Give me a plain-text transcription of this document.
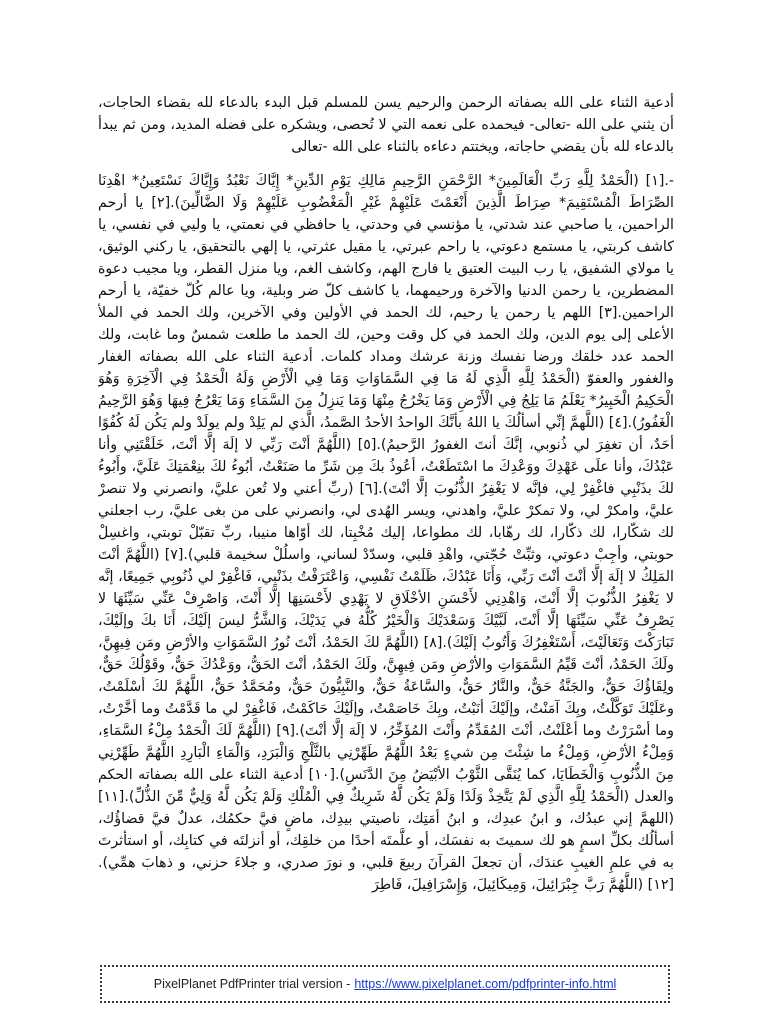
أدعية الثناء على الله بصفاته الرحمن والرحيم يسن للمسلم قبل البدء بالدعاء لله بقضاء الحاجات، أن يثني على الله -تعالى- فيحمده على نعمه التي لا تُحصى، ويشكره على فضله المديد، ومن ثم يبدأ بالدعاء لله بأن يقضي حاجاته، ويختتم دعاءه بالثناء على الله -تعالى

-.[١] (الْحَمْدُ لِلَّهِ رَبِّ الْعَالَمِينَ* الرَّحْمَنِ الرَّحِيمِ مَالِكِ يَوْمِ الدِّينِ* إِيَّاكَ نَعْبُدُ وَإِيَّاكَ نَسْتَعِينُ* اهْدِنَا الصِّرَاطَ الْمُسْتَقِيمَ* صِرَاطَ الَّذِينَ أَنْعَمْتَ عَلَيْهِمْ غَيْرِ الْمَغْضُوبِ عَلَيْهِمْ وَلَا الضَّالِّينَ).[٢] يا أرحم الراحمين، يا صاحبي عند شدتي، يا مؤنسي في وحدتي، يا حافظي في نعمتي، يا وليي في نفسي، يا كاشف كربتي، يا مستمع دعوتي، يا راحم عبرتي، يا مقيل عثرتي، يا إلهي بالتحقيق، يا ركني الوثيق، يا مولاي الشفيق، يا رب البيت العتيق يا فارج الهم، وكاشف الغم، ويا منزل القطر، ويا مجيب دعوة المضطرين، يا رحمن الدنيا والآخرة ورحيمهما، يا كاشف كلّ ضر وبلية، ويا عالم كُلّ خفيّة، يا أرحم الراحمين.[٣] اللهم يا رحمن يا رحيم، لك الحمد في الأولين وفي الآخرين، ولك الحمد في الملأ الأعلى إلى يوم الدين، ولك الحمد في كل وقت وحين، لك الحمد ما طلعت شمسٌ وما غابت، ولك الحمد عدد خلقك ورضا نفسك وزنة عرشك ومداد كلمات. أدعية الثناء على الله بصفاته الغفار والغفور والعفوّ (الْحَمْدُ لِلَّهِ الَّذِي لَهُ مَا فِي السَّمَاوَاتِ وَمَا فِي الْأَرْضِ وَلَهُ الْحَمْدُ فِي الْآخِرَةِ وَهُوَ الْحَكِيمُ الْخَبِيرُ* يَعْلَمُ مَا يَلِجُ فِي الْأَرْضِ وَمَا يَخْرُجُ مِنْهَا وَمَا يَنزِلُ مِنَ السَّمَاءِ وَمَا يَعْرُجُ فِيهَا وَهُوَ الرَّحِيمُ الْغَفُورُ).[٤] (اللَّهمَّ إنِّي أسألُكَ يا اللهُ بأنَّكَ الواحدُ الأحدُ الصَّمدُ، الَّذي لم يَلِدْ ولم يولَدْ ولم يَكُن لَهُ كُفُوًا أحَدٌ، أن تغفِرَ لي ذُنوبي، إنَّكَ أنتَ الغفورُ الرَّحيمُ).[٥] (اللَّهُمَّ أنْتَ رَبِّي لا إلَهَ إلَّا أنْتَ، خَلَقْتَنِي وأنا عَبْدُكَ، وأنا علَى عَهْدِكَ ووَعْدِكَ ما اسْتَطَعْتُ، أعُوذُ بكَ مِن شَرِّ ما صَنَعْتُ، أبُوءُ لكَ بنِعْمَتِكَ عَلَيَّ، وأَبُوءُ لكَ بذَنْبِي فاغْفِرْ لِي، فإنَّه لا يَغْفِرُ الذُّنُوبَ إلَّا أنْتَ).[٦] (ربِّ أعني ولا تُعن عليَّ، وانصرني ولا تنصرْ عليَّ، وامكرْ لي، ولا تمكرْ عليَّ، واهدني، ويسر الهُدى لي، وانصرني على من بغى عليَّ، رب اجعلني لك شكّارا، لك ذكّارا، لك رهّابا، لك مطواعا، إليك مُخْبِتا، لك أوّاها منيبا، ربِّ تقبّلْ توبتي، واغسِلْ حوبتي، وأجِبْ دعوتي، وثبِّتْ حُجّتي، واهْدِ قلبي، وسدّدْ لساني، واسلُلْ سخيمة قلبي).[٧] (اللَّهُمَّ أنْتَ المَلِكُ لا إلَهَ إلَّا أنْتَ أنْتَ رَبِّي، وَأَنَا عَبْدُكَ، ظَلَمْتُ نَفْسِي، وَاعْتَرَفْتُ بذَنْبِي، فَاغْفِرْ لي ذُنُوبِي جَمِيعًا، إنَّه لا يَغْفِرُ الذُّنُوبَ إلَّا أَنْتَ، وَاهْدِنِي لأَحْسَنِ الأخْلَاقِ لا يَهْدِي لأَحْسَنِهَا إلَّا أَنْتَ، وَاصْرِفْ عَنِّي سَيِّئَهَا لا يَصْرِفُ عَنِّي سَيِّئَهَا إلَّا أَنْتَ، لَبَّيْكَ وَسَعْدَيْكَ وَالْخَيْرُ كُلُّهُ في يَدَيْكَ، وَالشَّرُّ ليسَ إلَيْكَ، أَنَا بكَ وإلَيْكَ، تَبَارَكْتَ وَتَعَالَيْتَ، أَسْتَغْفِرُكَ وَأَتُوبُ إلَيْكَ).[٨] (اللَّهُمَّ لكَ الحَمْدُ، أنْتَ نُورُ السَّمَوَاتِ والأرْضِ ومَن فِيهِنَّ، ولَكَ الحَمْدُ، أنْتَ قَيِّمُ السَّمَوَاتِ والأرْضِ ومَن فِيهِنَّ، ولَكَ الحَمْدُ، أنْتَ الحَقُّ، ووَعْدُكَ حَقٌّ، وقَوْلُكَ حَقٌّ، ولِقَاؤُكَ حَقٌّ، والجَنَّةُ حَقٌّ، والنَّارُ حَقٌّ، والسَّاعَةُ حَقٌّ، والنَّبِيُّونَ حَقٌّ، ومُحَمَّدٌ حَقٌّ، اللَّهُمَّ لكَ أسْلَمْتُ، وعَلَيْكَ تَوَكَّلْتُ، وبِكَ آمَنْتُ، وإلَيْكَ أنَبْتُ، وبِكَ خَاصَمْتُ، وإلَيْكَ حَاكَمْتُ، فَاغْفِرْ لي ما قَدَّمْتُ وما أخَّرْتُ، وما أسْرَرْتُ وما أعْلَنْتُ، أنْتَ المُقَدِّمُ وأَنْتَ المُؤَخِّرُ، لا إلَهَ إلَّا أنْتَ).[٩] (اللَّهُمَّ لَكَ الْحَمْدُ مِلْءُ السَّمَاءِ، وَمِلْءُ الأرْضِ، وَمِلْءُ ما شِئْتَ مِن شيءٍ بَعْدُ اللَّهُمَّ طَهِّرْنِي بالثَّلْجِ وَالْبَرَدِ، وَالْمَاءِ الْبَارِدِ اللَّهُمَّ طَهِّرْنِي مِنَ الذُّنُوبِ وَالْخَطَايَا، كما يُنَقَّى الثَّوْبُ الأبْيَضُ مِنَ الدَّنَسِ).[١٠] أدعية الثناء على الله بصفاته الحكم والعدل (الْحَمْدُ لِلَّهِ الَّذِي لَمْ يَتَّخِذْ وَلَدًا وَلَمْ يَكُن لَّهُ شَرِيكٌ فِي الْمُلْكِ وَلَمْ يَكُن لَّهُ وَلِيٌّ مِّنَ الذُّلِّ).[١١] (اللهمَّ إني عبدُك، و ابنُ عبدِك، و ابنُ أمَتِك، ناصيتي بيدِك، ماضٍ فيَّ حكمُك، عدلٌ فيَّ قضاؤُك، أسألُك بكلِّ اسمٍ هو لك سميتَ به نفسَك، أو علَّمتَه أحدًا من خلقِك، أو أنزلتَه في كتابِك، أو استأثرتَ به في علمِ الغيبِ عندَك، أن تجعلَ القرآنَ ربيعَ قلبي، و نورَ صدري، و جلاءَ حزني، و ذهابَ همِّي).[١٢] (اللَّهُمَّ رَبَّ جِبْرَائِيلَ، وَمِيكَائِيلَ، وَإِسْرَافِيلَ، فَاطِرَ

PixelPlanet PdfPrinter trial version - https://www.pixelplanet.com/pdfprinter-info.html
